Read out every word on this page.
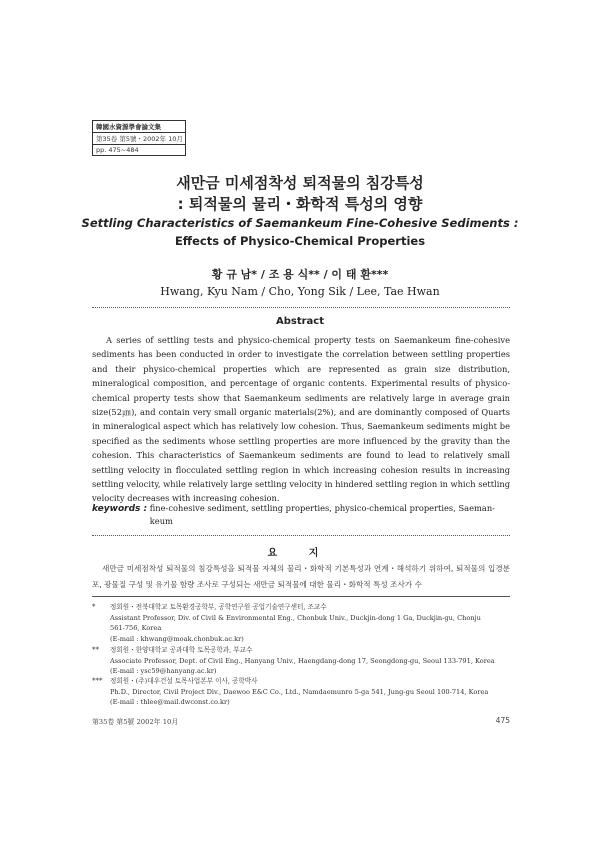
韓國水資源學會論文集
第35卷 第5號・2002年 10月
pp. 475~484
새만금 미세점착성 퇴적물의 침강특성
: 퇴적물의 물리・화학적 특성의 영향
Settling Characteristics of Saemankeum Fine-Cohesive Sediments :
Effects of Physico-Chemical Properties
황 규 남* / 조 용 식** / 이 태 환***
Hwang, Kyu Nam / Cho, Yong Sik / Lee, Tae Hwan
Abstract
A series of settling tests and physico-chemical property tests on Saemankeum fine-cohesive sediments has been conducted in order to investigate the correlation between settling properties and their physico-chemical properties which are represented as grain size distribution, mineralogical composition, and percentage of organic contents. Experimental results of physico-chemical property tests show that Saemankeum sediments are relatively large in average grain size(52㎛), and contain very small organic materials(2%), and are dominantly composed of Quarts in mineralogical aspect which has relatively low cohesion. Thus, Saemankeum sediments might be specified as the sediments whose settling properties are more influenced by the gravity than the cohesion. This characteristics of Saemankeum sediments are found to lead to relatively small settling velocity in flocculated settling region in which increasing cohesion results in increasing settling velocity, while relatively large settling velocity in hindered settling region in which settling velocity decreases with increasing cohesion.
keywords : fine-cohesive sediment, settling properties, physico-chemical properties, Saeman- keum
요 지
새만금 미세점착성 퇴적물의 침강특성을 퇴적물 자체의 물리・화학적 기본특성과 연계・해석하기 위하여, 퇴적물의 입경분포, 광물질 구성 및 유기물 함량 조사로 구성되는 새만금 퇴적물에 대한 물리・화학적 특성 조사가 수
* 정회원・전북대학교 토목환경공학부, 공학연구원 공업기술연구센터, 조교수
Assistant Professor, Div. of Civil & Environmental Eng., Chonbuk Univ., Duckjin-dong 1 Ga, Duckjin-gu, Chonju
561-756, Korea
(E-mail : khwang@moak.chonbuk.ac.kr)
** 정회원・한양대학교 공과대학 토목공학과, 부교수
Associate Professor, Dept. of Civil Eng., Hanyang Univ., Haengdang-dong 17, Seongdong-gu, Seoul 133-791, Korea
(E-mail : ysc59@hanyang.ac.kr)
*** 정회원・(주)대우건설 토목사업본부 이사, 공학박사
Ph.D., Director, Civil Project Div., Daewoo E&C Co., Ltd., Namdaemunro 5-ga 541, Jung-gu Seoul 100-714, Korea
(E-mail : thlee@mail.dwconst.co.kr)
第35卷 第5號 2002年 10月	475
